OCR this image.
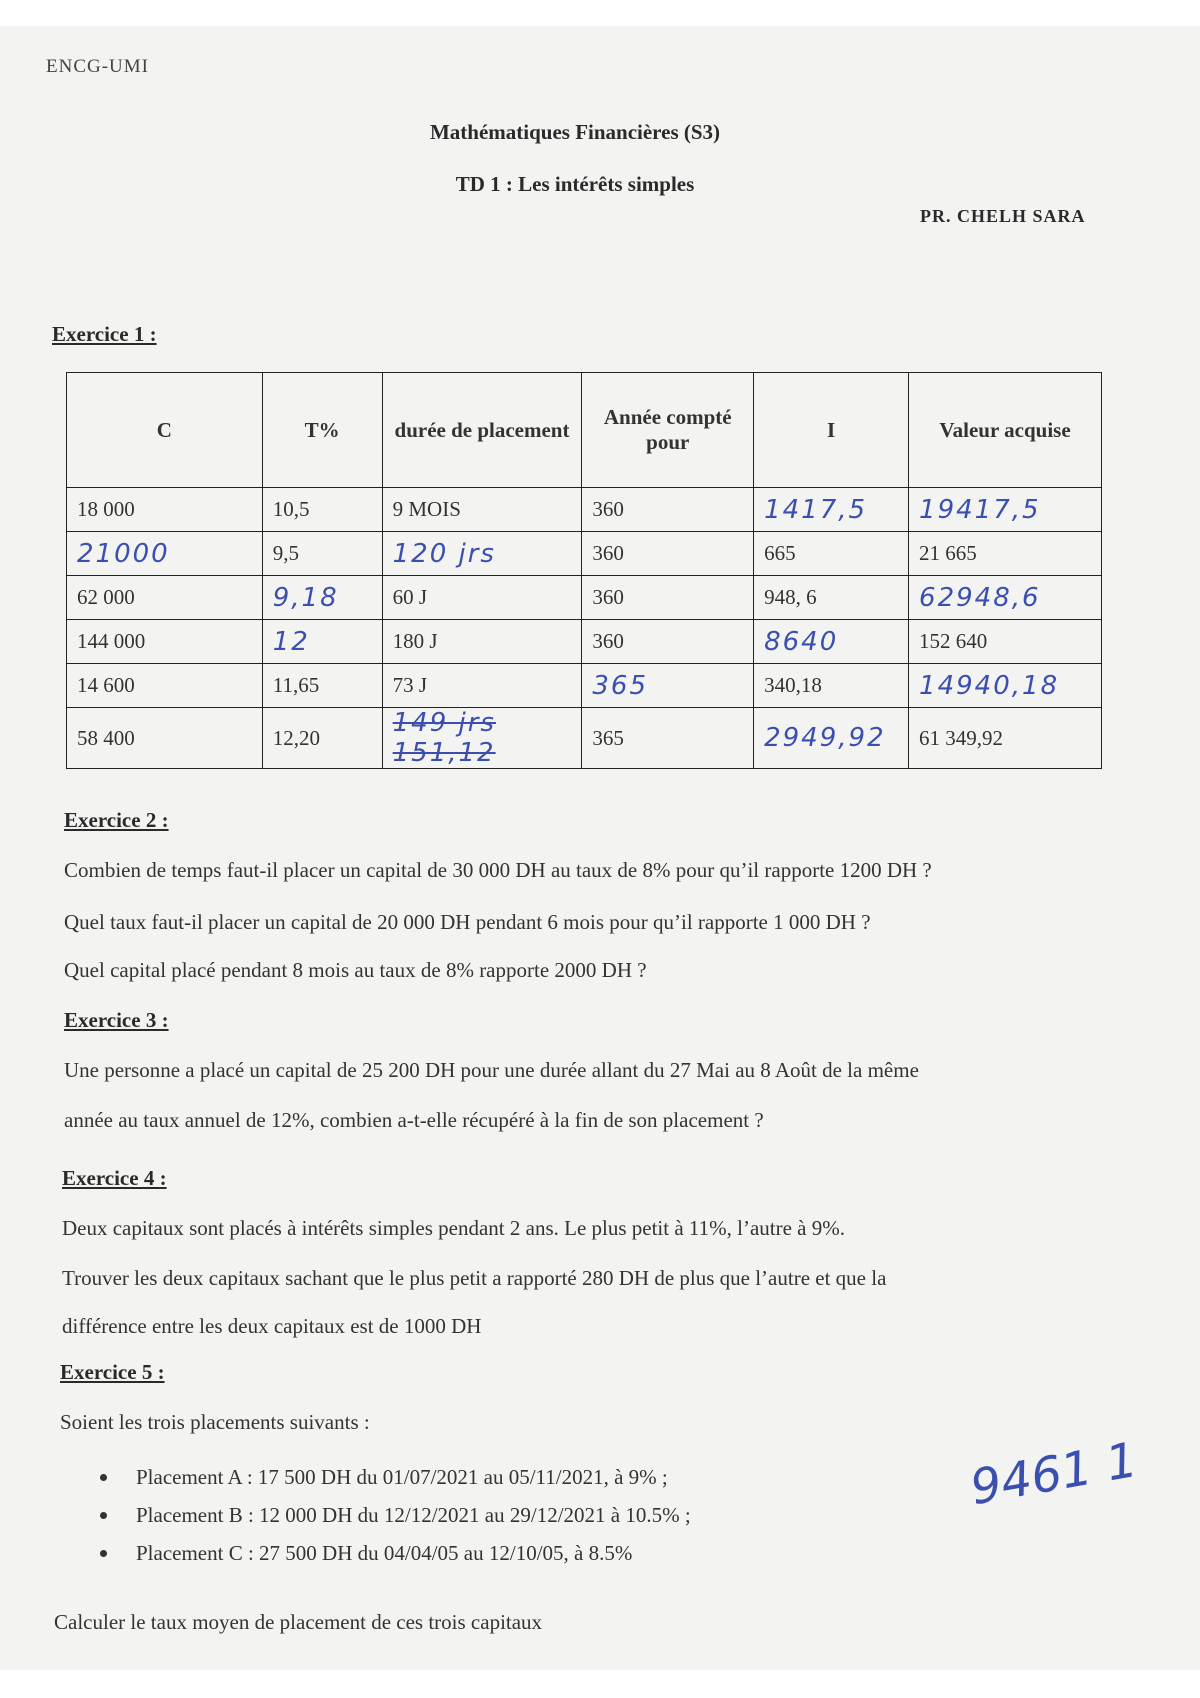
ENCG-UMI
Mathématiques Financières (S3)
TD 1 : Les intérêts simples
PR. CHELH SARA
Exercice 1 :
C	T%	durée de placement	Année compté pour	I	Valeur acquise
18 000	10,5	9 MOIS	360	1417,5	19417,5
21000	9,5	120 jrs	360	665	21 665
62 000	9,18	60 J	360	948, 6	62948,6
144 000	12	180 J	360	8640	152 640
14 600	11,65	73 J	365	340,18	14940,18
58 400	12,20	149 jrs 151,12	365	2949,92	61 349,92
Exercice 2 :
Combien de temps faut-il placer un capital de 30 000 DH au taux de 8% pour qu’il rapporte 1200 DH ?
Quel taux faut-il placer un capital de 20 000 DH pendant 6 mois pour qu’il rapporte 1 000 DH ?
Quel capital placé pendant 8 mois au taux de 8% rapporte 2000 DH ?
Exercice 3 :
Une personne a placé un capital de 25 200 DH pour une durée allant du 27 Mai au 8 Août de la même
année au taux annuel de 12%, combien a-t-elle récupéré à la fin de son placement ?
Exercice 4 :
Deux capitaux sont placés à intérêts simples pendant 2 ans. Le plus petit à 11%, l’autre à 9%.
Trouver les deux capitaux sachant que le plus petit a rapporté 280 DH de plus que l’autre et que la
différence entre les deux capitaux est de 1000 DH
Exercice 5 :
Soient les trois placements suivants :
Placement A : 17 500 DH du 01/07/2021 au 05/11/2021, à 9% ;
Placement B : 12 000 DH du 12/12/2021 au 29/12/2021 à 10.5% ;
Placement C : 27 500 DH du 04/04/05 au 12/10/05, à 8.5%
9461 1
Calculer le taux moyen de placement de ces trois capitaux
